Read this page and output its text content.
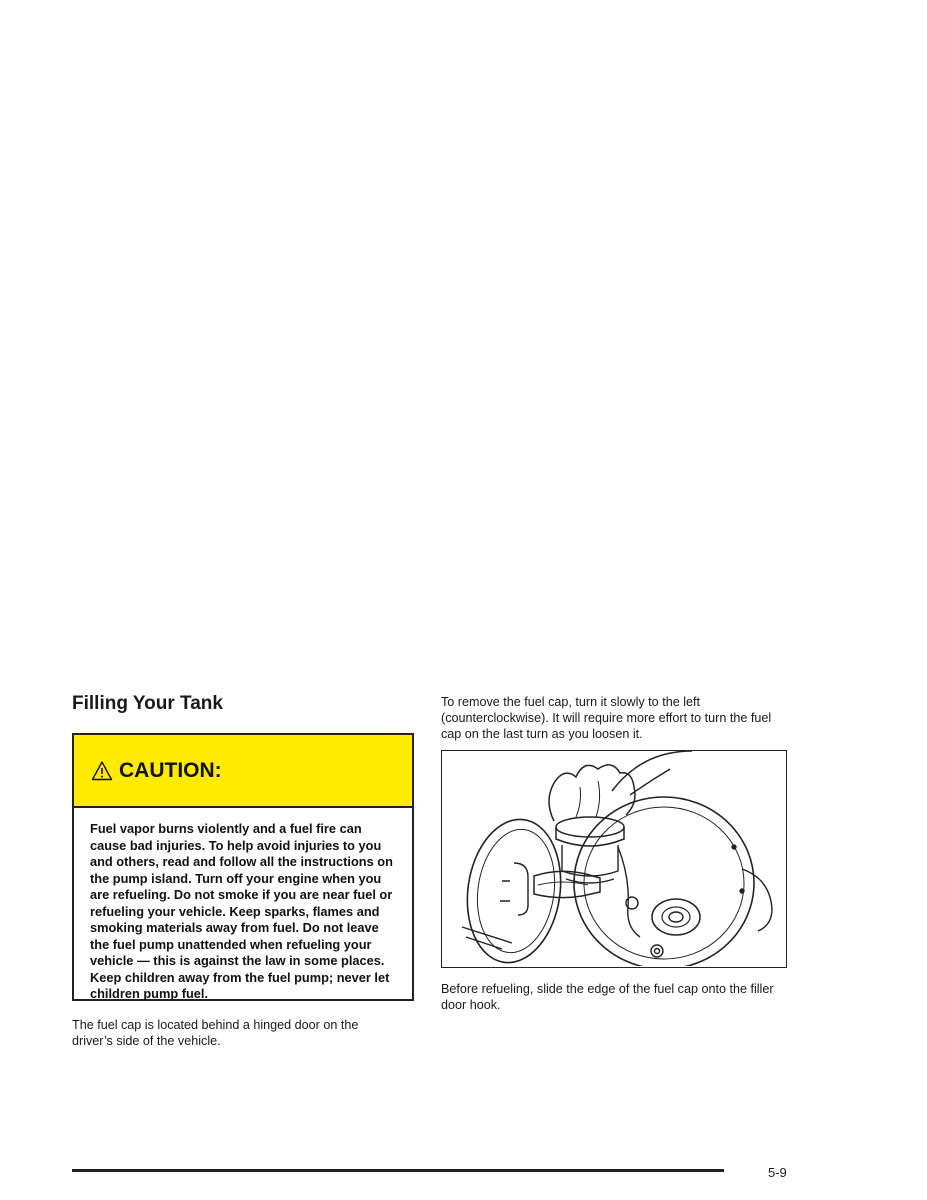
Filling Your Tank
CAUTION:

Fuel vapor burns violently and a fuel fire can cause bad injuries. To help avoid injuries to you and others, read and follow all the instructions on the pump island. Turn off your engine when you are refueling. Do not smoke if you are near fuel or refueling your vehicle. Keep sparks, flames and smoking materials away from fuel. Do not leave the fuel pump unattended when refueling your vehicle — this is against the law in some places. Keep children away from the fuel pump; never let children pump fuel.

The fuel cap is located behind a hinged door on the driver’s side of the vehicle.

To remove the fuel cap, turn it slowly to the left (counterclockwise). It will require more effort to turn the fuel cap on the last turn as you loosen it.

Before refueling, slide the edge of the fuel cap onto the filler door hook.

5-9
